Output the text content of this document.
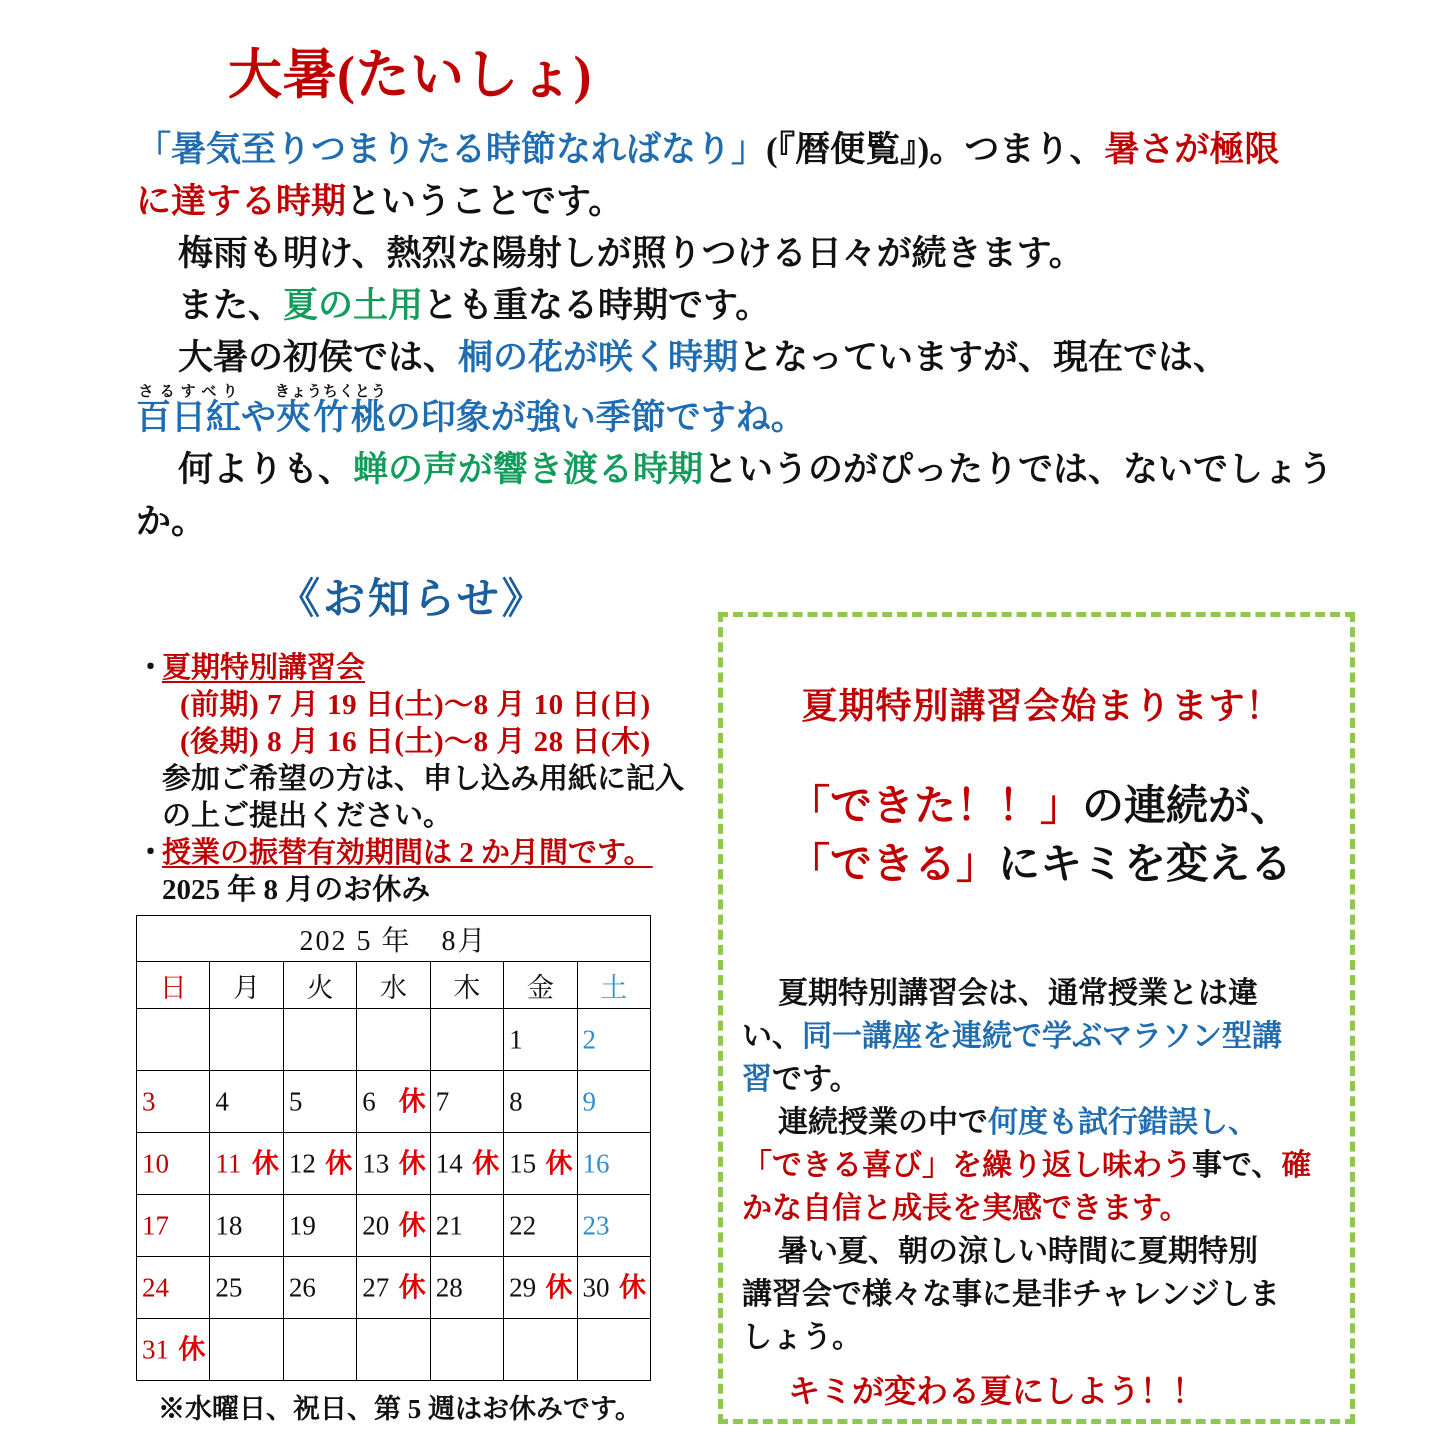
大暑(たいしょ)

「暑気至りつまりたる時節なればなり」(『暦便覧』)。つまり、暑さが極限

に達する時期ということです。

梅雨も明け、熱烈な陽射しが照りつける日々が続きます。

また、夏の土用とも重なる時期です。

大暑の初侯では、桐の花が咲く時期となっていますが、現在では、

百日紅さるすべりや夾竹桃きょうちくとうの印象が強い季節ですね。

何よりも、蝉の声が響き渡る時期というのがぴったりでは、ないでしょう

か。

《お知らせ》
・
夏期特別講習会
(前期) 7 月 19 日(土)～8 月 10 日(日)
(後期) 8 月 16 日(土)～8 月 28 日(木)
参加ご希望の方は、申し込み用紙に記入
の上ご提出ください。
・
授業の振替有効期間は 2 か月間です。
2025 年 8 月のお休み
202 5 年　8月						
日	月	火	水	木	金	土

					1	2

3	4	5	6 休	7	8	9

10	11 休	12 休	13 休	14 休	15 休	16

17	18	19	20 休	21	22	23

24	25	26	27 休	28	29 休	30 休

31 休						

※水曜日、祝日、第 5 週はお休みです。
夏期特別講習会始まります！
「できた！！」の連続が、
「できる」にキミを変える

夏期特別講習会は、通常授業とは違

い、同一講座を連続で学ぶマラソン型講

習です。

連続授業の中で何度も試行錯誤し、

「できる喜び」を繰り返し味わう事で、確

かな自信と成長を実感できます。

暑い夏、朝の涼しい時間に夏期特別

講習会で様々な事に是非チャレンジしま

しょう。

キミが変わる夏にしよう！！
